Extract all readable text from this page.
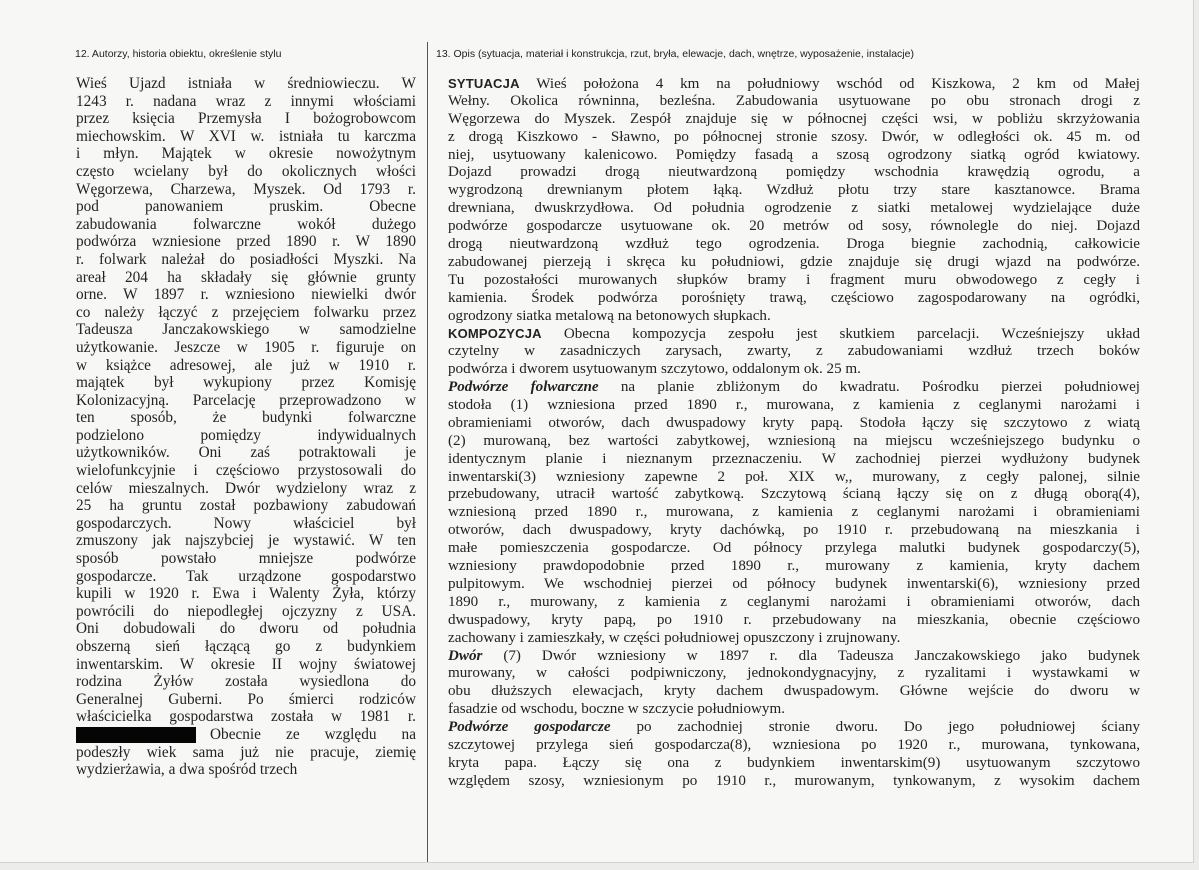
12. Autorzy, historia obiektu, określenie stylu	13. Opis (sytuacja, materiał i konstrukcja, rzut, bryła, elewacje, dach, wnętrze, wyposażenie, instalacje)
Wieś Ujazd istniała w średniowieczu. W
1243 r. nadana wraz z innymi włościami
przez księcia Przemysła I bożogrobowcom
miechowskim. W XVI w. istniała tu karczma
i młyn. Majątek w okresie nowożytnym
często wcielany był do okolicznych włości
Węgorzewa, Charzewa, Myszek. Od 1793 r.
pod panowaniem pruskim. Obecne
zabudowania folwarczne wokół dużego
podwórza wzniesione przed 1890 r. W 1890
r. folwark należał do posiadłości Myszki. Na
areał 204 ha składały się głównie grunty
orne. W 1897 r. wzniesiono niewielki dwór
co należy łączyć z przejęciem folwarku przez
Tadeusza Janczakowskiego w samodzielne
użytkowanie. Jeszcze w 1905 r. figuruje on
w książce adresowej, ale już w 1910 r.
majątek był wykupiony przez Komisję
Kolonizacyjną. Parcelację przeprowadzono w
ten sposób, że budynki folwarczne
podzielono pomiędzy indywidualnych
użytkowników. Oni zaś potraktowali je
wielofunkcyjnie i częściowo przystosowali do
celów mieszalnych. Dwór wydzielony wraz z
25 ha gruntu został pozbawiony zabudowań
gospodarczych. Nowy właściciel był
zmuszony jak najszybciej je wystawić. W ten
sposób powstało mniejsze podwórze
gospodarcze. Tak urządzone gospodarstwo
kupili w 1920 r. Ewa i Walenty Żyła, którzy
powrócili do niepodległej ojczyzny z USA.
Oni dobudowali do dworu od południa
obszerną sień łączącą go z budynkiem
inwentarskim. W okresie II wojny światowej
rodzina Żyłów została wysiedlona do
Generalnej Guberni. Po śmierci rodziców
właścicielka gospodarstwa została w 1981 r.
Obecnie ze względu na
podeszły wiek sama już nie pracuje, ziemię
wydzierżawia, a dwa spośród trzech
SYTUACJA Wieś położona 4 km na południowy wschód od Kiszkowa, 2 km od Małej
Wełny. Okolica równinna, bezleśna. Zabudowania usytuowane po obu stronach drogi z
Węgorzewa do Myszek. Zespół znajduje się w północnej części wsi, w pobliżu skrzyżowania
z drogą Kiszkowo - Sławno, po północnej stronie szosy. Dwór, w odległości ok. 45 m. od
niej, usytuowany kalenicowo. Pomiędzy fasadą a szosą ogrodzony siatką ogród kwiatowy.
Dojazd prowadzi drogą nieutwardzoną pomiędzy wschodnia krawędzią ogrodu, a
wygrodzoną drewnianym płotem łąką. Wzdłuż płotu trzy stare kasztanowce. Brama
drewniana, dwuskrzydłowa. Od południa ogrodzenie z siatki metalowej wydzielające duże
podwórze gospodarcze usytuowane ok. 20 metrów od sosy, równolegle do niej. Dojazd
drogą nieutwardzoną wzdłuż tego ogrodzenia. Droga biegnie zachodnią, całkowicie
zabudowanej pierzeją i skręca ku południowi, gdzie znajduje się drugi wjazd na podwórze.
Tu pozostałości murowanych słupków bramy i fragment muru obwodowego z cegły i
kamienia. Środek podwórza porośnięty trawą, częściowo zagospodarowany na ogródki,
ogrodzony siatka metalową na betonowych słupkach.
KOMPOZYCJA Obecna kompozycja zespołu jest skutkiem parcelacji. Wcześniejszy układ
czytelny w zasadniczych zarysach, zwarty, z zabudowaniami wzdłuż trzech boków
podwórza i dworem usytuowanym szczytowo, oddalonym ok. 25 m.
Podwórze folwarczne na planie zbliżonym do kwadratu. Pośrodku pierzei południowej
stodoła (1) wzniesiona przed 1890 r., murowana, z kamienia z ceglanymi narożami i
obramieniami otworów, dach dwuspadowy kryty papą. Stodoła łączy się szczytowo z wiatą
(2) murowaną, bez wartości zabytkowej, wzniesioną na miejscu wcześniejszego budynku o
identycznym planie i nieznanym przeznaczeniu. W zachodniej pierzei wydłużony budynek
inwentarski(3) wzniesiony zapewne 2 poł. XIX w,, murowany, z cegły palonej, silnie
przebudowany, utracił wartość zabytkową. Szczytową ścianą łączy się on z długą oborą(4),
wzniesioną przed 1890 r., murowana, z kamienia z ceglanymi narożami i obramieniami
otworów, dach dwuspadowy, kryty dachówką, po 1910 r. przebudowaną na mieszkania i
małe pomieszczenia gospodarcze. Od północy przylega malutki budynek gospodarczy(5),
wzniesiony prawdopodobnie przed 1890 r., murowany z kamienia, kryty dachem
pulpitowym. We wschodniej pierzei od północy budynek inwentarski(6), wzniesiony przed
1890 r., murowany, z kamienia z ceglanymi narożami i obramieniami otworów, dach
dwuspadowy, kryty papą, po 1910 r. przebudowany na mieszkania, obecnie częściowo
zachowany i zamieszkały, w części południowej opuszczony i zrujnowany.
Dwór (7) Dwór wzniesiony w 1897 r. dla Tadeusza Janczakowskiego jako budynek
murowany, w całości podpiwniczony, jednokondygnacyjny, z ryzalitami i wystawkami w
obu dłuższych elewacjach, kryty dachem dwuspadowym. Główne wejście do dworu w
fasadzie od wschodu, boczne w szczycie południowym.
Podwórze gospodarcze po zachodniej stronie dworu. Do jego południowej ściany
szczytowej przylega sień gospodarcza(8), wzniesiona po 1920 r., murowana, tynkowana,
kryta papa. Łączy się ona z budynkiem inwentarskim(9) usytuowanym szczytowo
względem szosy, wzniesionym po 1910 r., murowanym, tynkowanym, z wysokim dachem
